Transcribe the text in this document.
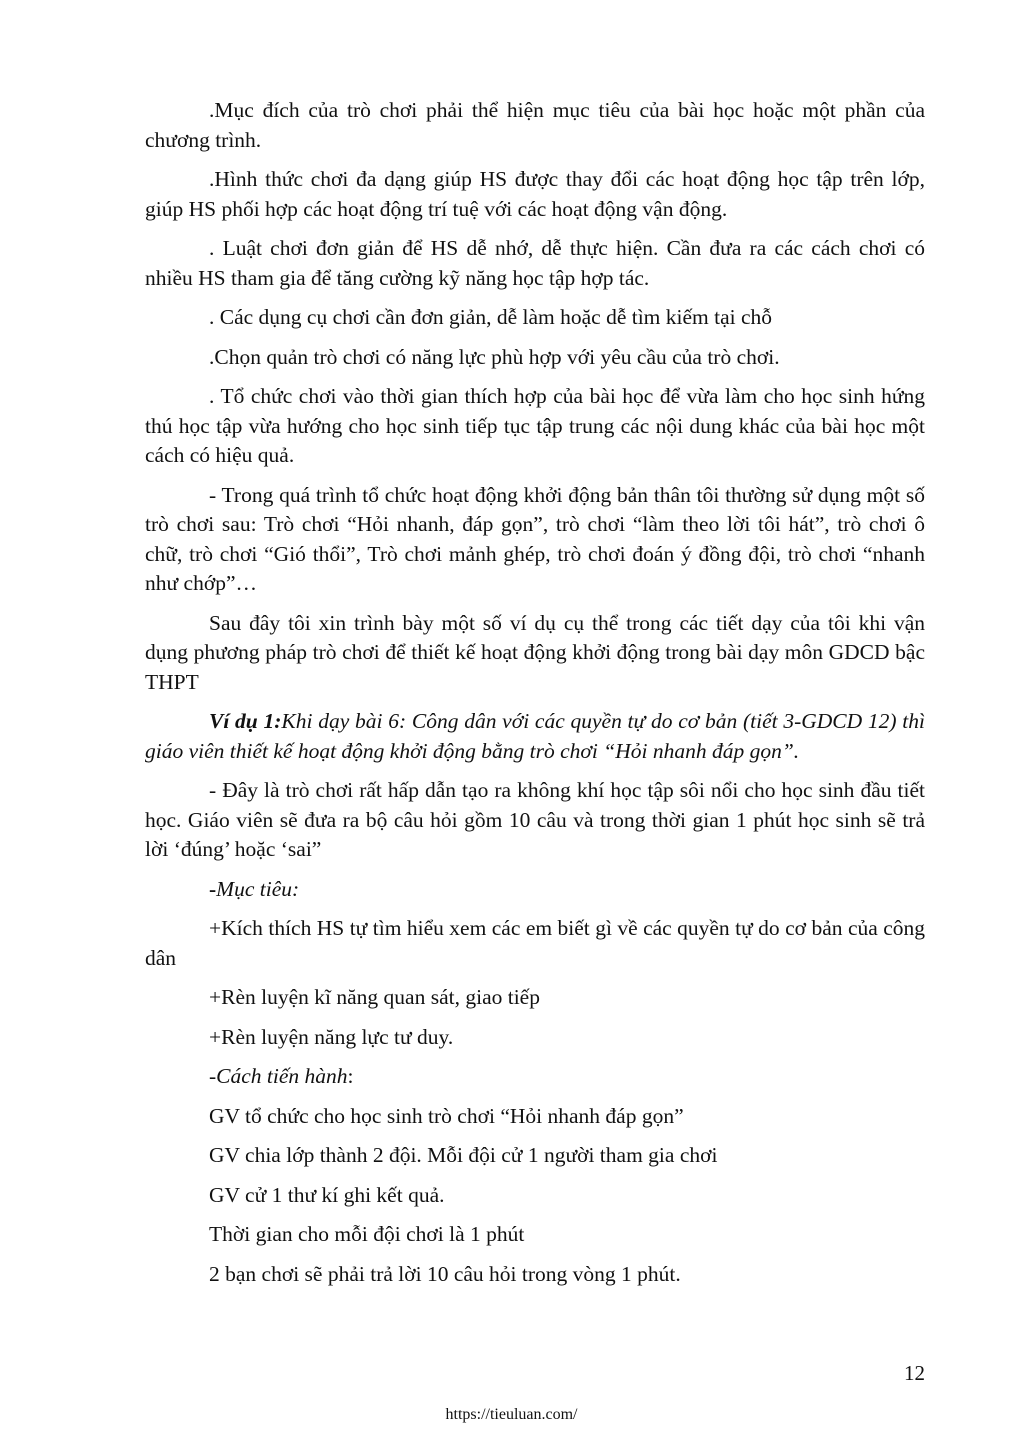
.Mục đích của trò chơi phải thể hiện mục tiêu của bài học hoặc một phần của chương trình.

.Hình thức chơi đa dạng giúp HS được thay đổi các hoạt động học tập trên lớp, giúp HS phối hợp các hoạt động trí tuệ với các hoạt động vận động.

. Luật chơi đơn giản để HS dễ nhớ, dễ thực hiện. Cần đưa ra các cách chơi có nhiều HS tham gia để tăng cường kỹ năng học tập hợp tác.

. Các dụng cụ chơi cần đơn giản, dễ làm hoặc dễ tìm kiếm tại chỗ

.Chọn quản trò chơi có năng lực phù hợp với yêu cầu của trò chơi.

. Tổ chức chơi vào thời gian thích hợp của bài học để vừa làm cho học sinh hứng thú học tập vừa hướng cho học sinh tiếp tục tập trung các nội dung khác của bài học một cách có hiệu quả.

- Trong quá trình tổ chức hoạt động khởi động bản thân tôi thường sử dụng một số trò chơi sau: Trò chơi “Hỏi nhanh, đáp gọn”, trò chơi “làm theo lời tôi hát”, trò chơi ô chữ, trò chơi “Gió thổi”, Trò chơi mảnh ghép, trò chơi đoán ý đồng đội, trò chơi “nhanh như chớp”…

Sau đây tôi xin trình bày một số ví dụ cụ thể trong các tiết dạy của tôi khi vận dụng phương pháp trò chơi để thiết kế hoạt động khởi động trong bài dạy môn GDCD bậc THPT

Ví dụ 1:Khi dạy bài 6: Công dân với các quyền tự do cơ bản (tiết 3-GDCD 12) thì giáo viên thiết kế hoạt động khởi động bằng trò chơi “Hỏi nhanh đáp gọn”.

- Đây là trò chơi rất hấp dẫn tạo ra không khí học tập sôi nổi cho học sinh đầu tiết học. Giáo viên sẽ đưa ra bộ câu hỏi gồm 10 câu và trong thời gian 1 phút học sinh sẽ trả lời ‘đúng’ hoặc ‘sai”

-Mục tiêu:

+Kích thích HS tự tìm hiểu xem các em biết gì về các quyền tự do cơ bản của công dân

+Rèn luyện kĩ năng quan sát, giao tiếp

+Rèn luyện năng lực tư duy.

-Cách tiến hành:

GV tổ chức cho học sinh trò chơi “Hỏi nhanh đáp gọn”

GV chia lớp thành 2 đội. Mỗi đội cử 1 người tham gia chơi

GV cử 1 thư kí ghi kết quả.

Thời gian cho mỗi đội chơi là 1 phút

2 bạn chơi sẽ phải trả lời 10 câu hỏi trong vòng 1 phút.

12
https://tieuluan.com/
